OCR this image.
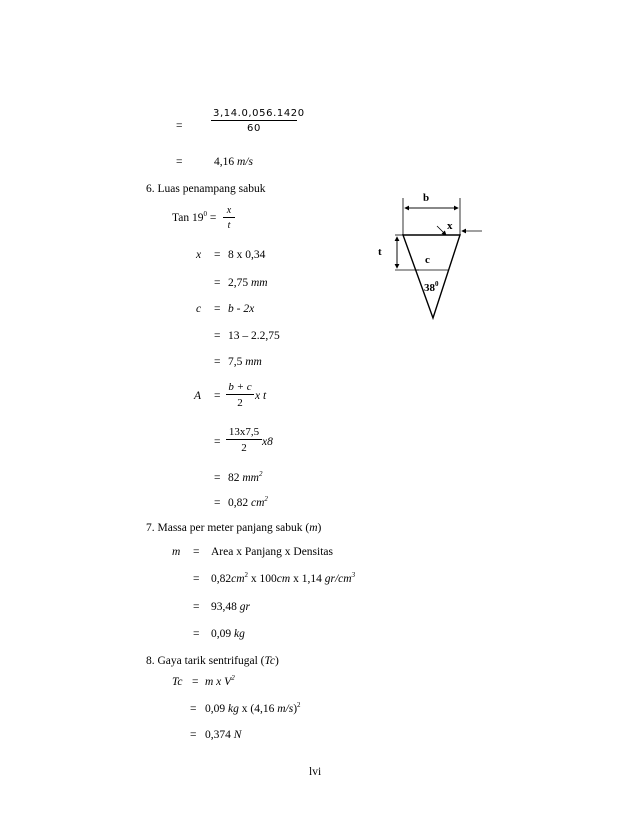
=	$\frac{3,14.0,056.1420}{60}$
=	4,16 m/s
6. Luas penampang sabuk
Tan $19^0 = \frac{x}{t}$
x = 8 x 0,34
= 2,75 mm
c = b - 2x
= 13 – 2.2,75
= 7,5 mm
$A = \frac{b + c}{2}$ x t
= $\frac{13x7,5}{2} x8$
= 82 $mm^2$
= 0,82 $cm^2$
b
x
t
c
$38^0$
7. Massa per meter panjang sabuk (m)
m = Area x Panjang x Densitas
= $0,82cm^2$ x 100cm x 1,14 $gr/cm^3$
= 93,48 gr
= 0,09 kg
8. Gaya tarik sentrifugal (Tc)
Tc = m x $V^2$
= 0,09 kg x (4,16 m/s)$^2$
= 0,374 N
lvi
